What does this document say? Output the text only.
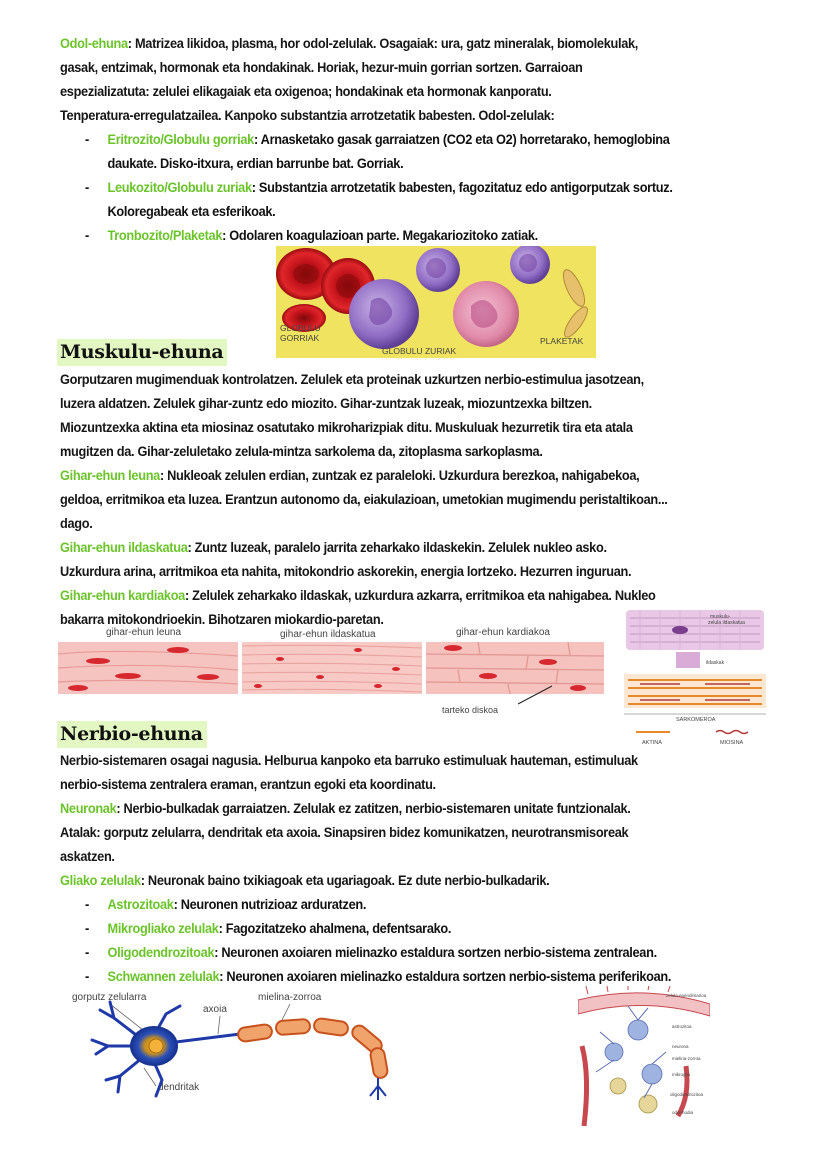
Odol-ehuna: Matrizea likidoa, plasma, hor odol-zelulak. Osagaiak: ura, gatz mineralak, biomolekulak,
gasak, entzimak, hormonak eta hondakinak. Horiak, hezur-muin gorrian sortzen. Garraioan
espezializatuta: zelulei elikagaiak eta oxigenoa; hondakinak eta hormonak kanporatu.
Tenperatura-erregulatzailea. Kanpoko substantzia arrotzetatik babesten. Odol-zelulak:
- Eritrozito/Globulu gorriak: Arnasketako gasak garraiatzen (CO2 eta O2) horretarako, hemoglobina
daukate. Disko-itxura, erdian barrunbe bat. Gorriak.
- Leukozito/Globulu zuriak: Substantzia arrotzetatik babesten, fagozitatuz edo antigorputzak sortuz.
Koloregabeak eta esferikoak.
- Tronbozito/Plaketak: Odolaren koagulazioan parte. Megakariozitoko zatiak.
GLOBULU
GORRIAK
GLOBULU ZURIAK
PLAKETAK
Muskulu-ehuna
Gorputzaren mugimenduak kontrolatzen. Zelulek eta proteinak uzkurtzen nerbio-estimulua jasotzean,
luzera aldatzen. Zelulek gihar-zuntz edo miozito. Gihar-zuntzak luzeak, miozuntzexka biltzen.
Miozuntzexka aktina eta miosinaz osatutako mikroharizpiak ditu. Muskuluak hezurretik tira eta atala
mugitzen da. Gihar-zeluletako zelula-mintza sarkolema da, zitoplasma sarkoplasma.
Gihar-ehun leuna: Nukleoak zelulen erdian, zuntzak ez paraleloki. Uzkurdura berezkoa, nahigabekoa,
geldoa, erritmikoa eta luzea. Erantzun autonomo da, eiakulazioan, umetokian mugimendu peristaltikoan...
dago.
Gihar-ehun ildaskatua: Zuntz luzeak, paralelo jarrita zeharkako ildaskekin. Zelulek nukleo asko.
Uzkurdura arina, arritmikoa eta nahita, mitokondrio askorekin, energia lortzeko. Hezurren inguruan.
Gihar-ehun kardiakoa: Zelulek zeharkako ildaskak, uzkurdura azkarra, erritmikoa eta nahigabea. Nukleo
bakarra mitokondrioekin. Bihotzaren miokardio-paretan.
gihar-ehun leuna	gihar-ehun ildaskatua	gihar-ehun kardiakoa
tarteko diskoa
muskulu-
zelula ildaskatua
ildaskak
SARKOMEROA
AKTINA	MIOSINA
Nerbio-ehuna
Nerbio-sistemaren osagai nagusia. Helburua kanpoko eta barruko estimuluak hauteman, estimuluak
nerbio-sistema zentralera eraman, erantzun egoki eta koordinatu.
Neuronak: Nerbio-bulkadak garraiatzen. Zelulak ez zatitzen, nerbio-sistemaren unitate funtzionalak.
Atalak: gorputz zelularra, dendritak eta axoia. Sinapsiren bidez komunikatzen, neurotransmisoreak
askatzen.
Gliako zelulak: Neuronak baino txikiagoak eta ugariagoak. Ez dute nerbio-bulkadarik.
- Astrozitoak: Neuronen nutrizioaz arduratzen.
- Mikrogliako zelulak: Fagozitatzeko ahalmena, defentsarako.
- Oligodendrozitoak: Neuronen axoiaren mielinazko estaldura sortzen nerbio-sistema zentralean.
- Schwannen zelulak: Neuronen axoiaren mielinazko estaldura sortzen nerbio-sistema periferikoan.
gorputz zelularra
axoia
mielina-zorroa
dendritak
zelula ependimarioa
astrozitoa
neurona
mielina-zorroa
mikroglia
oligodendrozitoa
odol-hodia
